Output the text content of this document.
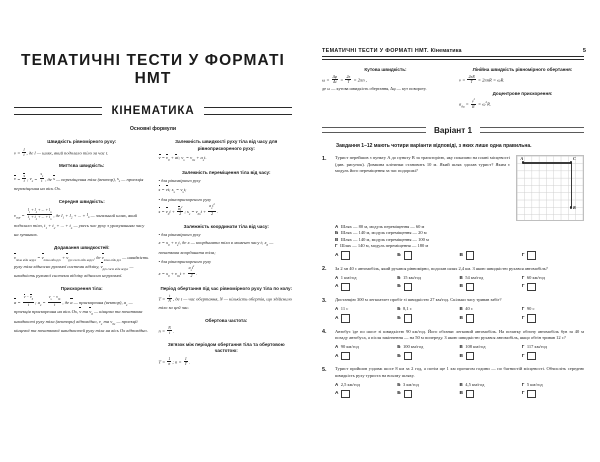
ТЕМАТИЧНІ ТЕСТИ У ФОРМАТІ НМТ
КІНЕМАТИКА
Основні формули
Швидкість рівномірного руху:
$v = \frac{l}{t}$ , де l — шлях, який подолало тіло за час t.
Миттєва швидкість:
$v = \frac{s}{t}$ ; $v_x = \frac{s_x}{t}$ , де s — переміщення тіла (вектор), $s_x$ — проекція переміщення на вісь Ox.
Середня швидкість:
$v_{сер} = \frac{l_1 + l_2 + ... + l_n}{t_1 + t_2 + ... + t_n}$ , де $l_1 + l_2$ + ... + $l_n$ — загальний шлях, який подолало тіло, $t_1 + t_2$ + ... + $t_n$ — увесь час руху з урахуванням часу на зупинках.
Додавання швидкостей:
$v_{тіла відн нерух} = v_{тіла відн рух} + v_{рух сист відн нерух}$, де $v_{тіла відн рух}$ — швидкість руху тіла відносно рухомої системи відліку, $v_{рух сист відн нерух}$ — швидкість рухомої системи відліку відносно нерухомої.
Прискорення тіла:
$a = \frac{v - v_0}{t}$ ; $a_x = \frac{v_x - v_{0x}}{t}$ , де a — прискорення (вектор), $a_x$ — проекція прискорення на вісь Ox, v та $v_0$ — кінцева та початкова швидкості руху тіла (вектори) відповідно, $v_x$ та $v_{0x}$ — проекції кінцевої та початкової швидкостей руху тіла на вісь Ox відповідно.
Залежність швидкості руху тіла від часу для рівноприскореного руху:
$v = v_0$ + at; $v_x = v_{0x} + a_xt$.
Залежність переміщення тіла від часу:
• для рівномірного руху
s = vt; $s_x = v_xt$;
• для рівноприскореного руху
$s = v_0t + \frac{at^2}{2}$ ; $s_x = v_{0x}t + \frac{a_xt^2}{2}$ .
Залежність координати тіла від часу:
• для рівномірного руху
$x = x_0 + v_xt$, де x — координата тіла в момент часу t; $x_0$ — початкова координата тіла;
• для рівноприскореного руху
$x = x_0 + v_{0x}t + \frac{a_xt^2}{2}$ .
Період обертання під час рівномірного руху тіла по колу:
$T = \frac{t}{N}$ , де t — час обертання, N — кількість обертів, що здійснило тіло за цей час.
Обертова частота:
$n = \frac{N}{t}$ .
Зв'язок між періодом обертання тіла та обертовою частотою:
$T = \frac{1}{n}$ ; $n = \frac{1}{T}$ .
ТЕМАТИЧНІ ТЕСТИ У ФОРМАТІ НМТ. Кінематика	5
Кутова швидкість:
$\omega = \frac{\Delta\varphi}{\Delta t} = \frac{2\pi}{T} = 2\pi n$ ,
де ω — кутова швидкість обертання, Δφ — кут повороту.
Лінійна швидкість рівномірного обертання:
$v = \frac{2\pi R}{T} = 2\pi nR = \omega R$.
Доцентрове прискорення:
$a_{дц} = \frac{v^2}{R} = \omega^2R$.
Варіант 1
Завдання 1–12 мають чотири варіанти відповіді, з яких лише одна правильна.
1.	Турист перейшов з пункту A до пункту B за траєкторією, яку показано на плані місцевості (див. рисунок). Довжина клітинки становить 10 м. Який шлях здолав турист? Яким є модуль його переміщення за час подорожі?
A	C
B
А Шлях — 80 м, модуль переміщення — 60 м
Б Шлях — 140 м, модуль переміщення — 20 м
В Шлях — 140 м, модуль переміщення — 100 м
Г Шлях — 140 м, модуль переміщення — 180 м
А	Б	В	Г
2.	За 2 хв 40 с автомобіль, який рухався рівномірно, подолав шлях 2,4 км. З якою швидкістю рухався автомобіль?
А 1 км/год	Б 15 км/год	В 54 км/год	Г 60 км/год
А	Б	В	Г
3.	Дистанцію 300 м легкоатлет пробіг зі швидкістю 27 км/год. Скільки часу тривав забіг?
А 11 с	Б 8,1 с	В 40 с	Г 90 с
А	Б	В	Г
4.	Автобус їде по шосе зі швидкістю 90 км/год. Його обганяє легковий автомобіль. На початку обгону автомобіль був за 40 м позаду автобуса, а після закінчення — на 50 м попереду. З якою швидкістю рухався автомобіль, якщо обгін тривав 12 с?
А 90 км/год	Б 100 км/год	В 108 км/год	Г 117 км/год
А	Б	В	Г
5.	Турист пройшов уздовж шосе 8 км за 2 год, а потім ще 1 км протягом години — по багнистій місцевості. Обчисліть середню швидкість руху туриста на всьому шляху.
А 2,5 км/год	Б 3 км/год	В 4,5 км/год	Г 5 км/год
А	Б	В	Г
